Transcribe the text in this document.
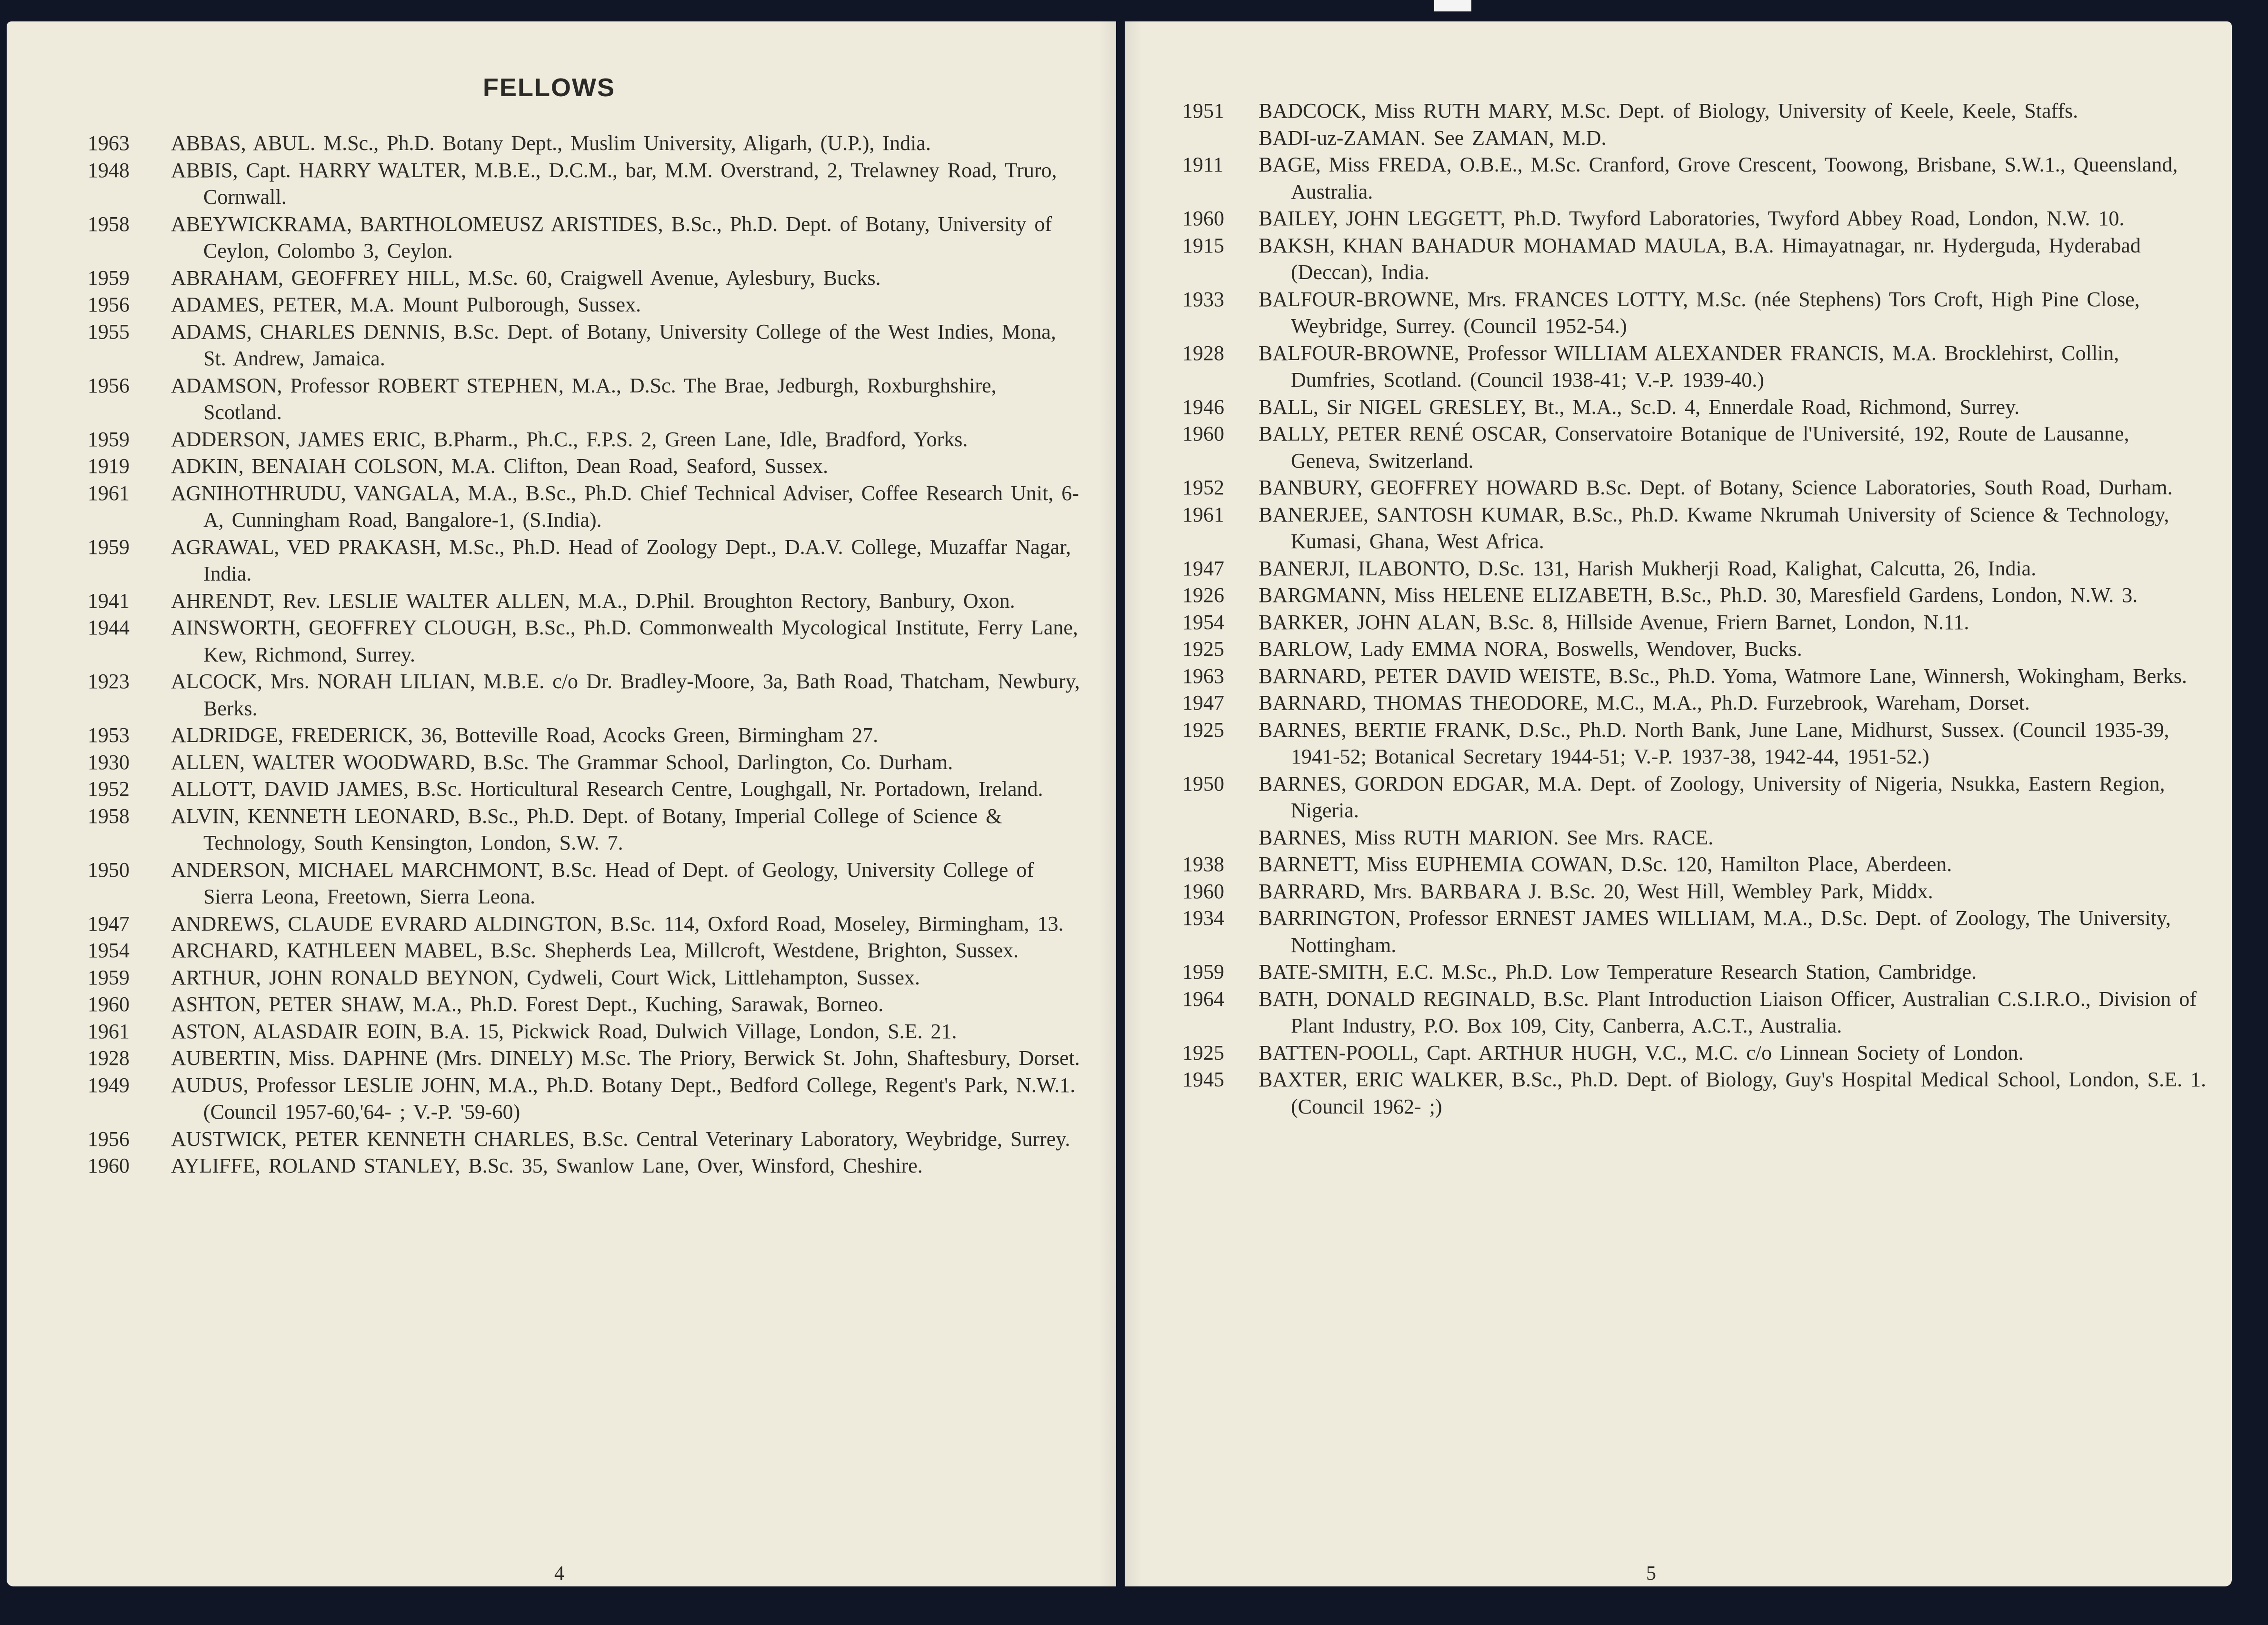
FELLOWS
1963	ABBAS, ABUL. M.Sc., Ph.D. Botany Dept., Muslim University, Aligarh, (U.P.), India.
1948	ABBIS, Capt. HARRY WALTER, M.B.E., D.C.M., bar, M.M. Overstrand, 2, Trelawney Road, Truro, Cornwall.
1958	ABEYWICKRAMA, BARTHOLOMEUSZ ARISTIDES, B.Sc., Ph.D. Dept. of Botany, University of Ceylon, Colombo 3, Ceylon.
1959	ABRAHAM, GEOFFREY HILL, M.Sc. 60, Craigwell Avenue, Aylesbury, Bucks.
1956	ADAMES, PETER, M.A. Mount Pulborough, Sussex.
1955	ADAMS, CHARLES DENNIS, B.Sc. Dept. of Botany, University College of the West Indies, Mona, St. Andrew, Jamaica.
1956	ADAMSON, Professor ROBERT STEPHEN, M.A., D.Sc. The Brae, Jedburgh, Roxburghshire, Scotland.
1959	ADDERSON, JAMES ERIC, B.Pharm., Ph.C., F.P.S. 2, Green Lane, Idle, Bradford, Yorks.
1919	ADKIN, BENAIAH COLSON, M.A. Clifton, Dean Road, Seaford, Sussex.
1961	AGNIHOTHRUDU, VANGALA, M.A., B.Sc., Ph.D. Chief Technical Adviser, Coffee Research Unit, 6-A, Cunningham Road, Bangalore-1, (S.India).
1959	AGRAWAL, VED PRAKASH, M.Sc., Ph.D. Head of Zoology Dept., D.A.V. College, Muzaffar Nagar, India.
1941	AHRENDT, Rev. LESLIE WALTER ALLEN, M.A., D.Phil. Broughton Rectory, Banbury, Oxon.
1944	AINSWORTH, GEOFFREY CLOUGH, B.Sc., Ph.D. Commonwealth Mycological Institute, Ferry Lane, Kew, Richmond, Surrey.
1923	ALCOCK, Mrs. NORAH LILIAN, M.B.E. c/o Dr. Bradley-Moore, 3a, Bath Road, Thatcham, Newbury, Berks.
1953	ALDRIDGE, FREDERICK, 36, Botteville Road, Acocks Green, Birmingham 27.
1930	ALLEN, WALTER WOODWARD, B.Sc. The Grammar School, Darlington, Co. Durham.
1952	ALLOTT, DAVID JAMES, B.Sc. Horticultural Research Centre, Loughgall, Nr. Portadown, Ireland.
1958	ALVIN, KENNETH LEONARD, B.Sc., Ph.D. Dept. of Botany, Imperial College of Science & Technology, South Kensington, London, S.W. 7.
1950	ANDERSON, MICHAEL MARCHMONT, B.Sc. Head of Dept. of Geology, University College of Sierra Leona, Freetown, Sierra Leona.
1947	ANDREWS, CLAUDE EVRARD ALDINGTON, B.Sc. 114, Oxford Road, Moseley, Birmingham, 13.
1954	ARCHARD, KATHLEEN MABEL, B.Sc. Shepherds Lea, Millcroft, Westdene, Brighton, Sussex.
1959	ARTHUR, JOHN RONALD BEYNON, Cydweli, Court Wick, Littlehampton, Sussex.
1960	ASHTON, PETER SHAW, M.A., Ph.D. Forest Dept., Kuching, Sarawak, Borneo.
1961	ASTON, ALASDAIR EOIN, B.A. 15, Pickwick Road, Dulwich Village, London, S.E. 21.
1928	AUBERTIN, Miss. DAPHNE (Mrs. DINELY) M.Sc. The Priory, Berwick St. John, Shaftesbury, Dorset.
1949	AUDUS, Professor LESLIE JOHN, M.A., Ph.D. Botany Dept., Bedford College, Regent's Park, N.W.1. (Council 1957-60,'64- ; V.-P. '59-60)
1956	AUSTWICK, PETER KENNETH CHARLES, B.Sc. Central Veterinary Laboratory, Weybridge, Surrey.
1960	AYLIFFE, ROLAND STANLEY, B.Sc. 35, Swanlow Lane, Over, Winsford, Cheshire.
4
1951	BADCOCK, Miss RUTH MARY, M.Sc. Dept. of Biology, University of Keele, Keele, Staffs.
BADI-uz-ZAMAN. See ZAMAN, M.D.
1911	BAGE, Miss FREDA, O.B.E., M.Sc. Cranford, Grove Crescent, Toowong, Brisbane, S.W.1., Queensland, Australia.
1960	BAILEY, JOHN LEGGETT, Ph.D. Twyford Laboratories, Twyford Abbey Road, London, N.W. 10.
1915	BAKSH, KHAN BAHADUR MOHAMAD MAULA, B.A. Himayatnagar, nr. Hyderguda, Hyderabad (Deccan), India.
1933	BALFOUR-BROWNE, Mrs. FRANCES LOTTY, M.Sc. (née Stephens) Tors Croft, High Pine Close, Weybridge, Surrey. (Council 1952-54.)
1928	BALFOUR-BROWNE, Professor WILLIAM ALEXANDER FRANCIS, M.A. Brocklehirst, Collin, Dumfries, Scotland. (Council 1938-41; V.-P. 1939-40.)
1946	BALL, Sir NIGEL GRESLEY, Bt., M.A., Sc.D. 4, Ennerdale Road, Richmond, Surrey.
1960	BALLY, PETER RENÉ OSCAR, Conservatoire Botanique de l'Université, 192, Route de Lausanne, Geneva, Switzerland.
1952	BANBURY, GEOFFREY HOWARD B.Sc. Dept. of Botany, Science Laboratories, South Road, Durham.
1961	BANERJEE, SANTOSH KUMAR, B.Sc., Ph.D. Kwame Nkrumah University of Science & Technology, Kumasi, Ghana, West Africa.
1947	BANERJI, ILABONTO, D.Sc. 131, Harish Mukherji Road, Kalighat, Calcutta, 26, India.
1926	BARGMANN, Miss HELENE ELIZABETH, B.Sc., Ph.D. 30, Maresfield Gardens, London, N.W. 3.
1954	BARKER, JOHN ALAN, B.Sc. 8, Hillside Avenue, Friern Barnet, London, N.11.
1925	BARLOW, Lady EMMA NORA, Boswells, Wendover, Bucks.
1963	BARNARD, PETER DAVID WEISTE, B.Sc., Ph.D. Yoma, Watmore Lane, Winnersh, Wokingham, Berks.
1947	BARNARD, THOMAS THEODORE, M.C., M.A., Ph.D. Furzebrook, Wareham, Dorset.
1925	BARNES, BERTIE FRANK, D.Sc., Ph.D. North Bank, June Lane, Midhurst, Sussex. (Council 1935-39, 1941-52; Botanical Secretary 1944-51; V.-P. 1937-38, 1942-44, 1951-52.)
1950	BARNES, GORDON EDGAR, M.A. Dept. of Zoology, University of Nigeria, Nsukka, Eastern Region, Nigeria.
BARNES, Miss RUTH MARION. See Mrs. RACE.
1938	BARNETT, Miss EUPHEMIA COWAN, D.Sc. 120, Hamilton Place, Aberdeen.
1960	BARRARD, Mrs. BARBARA J. B.Sc. 20, West Hill, Wembley Park, Middx.
1934	BARRINGTON, Professor ERNEST JAMES WILLIAM, M.A., D.Sc. Dept. of Zoology, The University, Nottingham.
1959	BATE-SMITH, E.C. M.Sc., Ph.D. Low Temperature Research Station, Cambridge.
1964	BATH, DONALD REGINALD, B.Sc. Plant Introduction Liaison Officer, Australian C.S.I.R.O., Division of Plant Industry, P.O. Box 109, City, Canberra, A.C.T., Australia.
1925	BATTEN-POOLL, Capt. ARTHUR HUGH, V.C., M.C. c/o Linnean Society of London.
1945	BAXTER, ERIC WALKER, B.Sc., Ph.D. Dept. of Biology, Guy's Hospital Medical School, London, S.E. 1. (Council 1962- ;)
5
